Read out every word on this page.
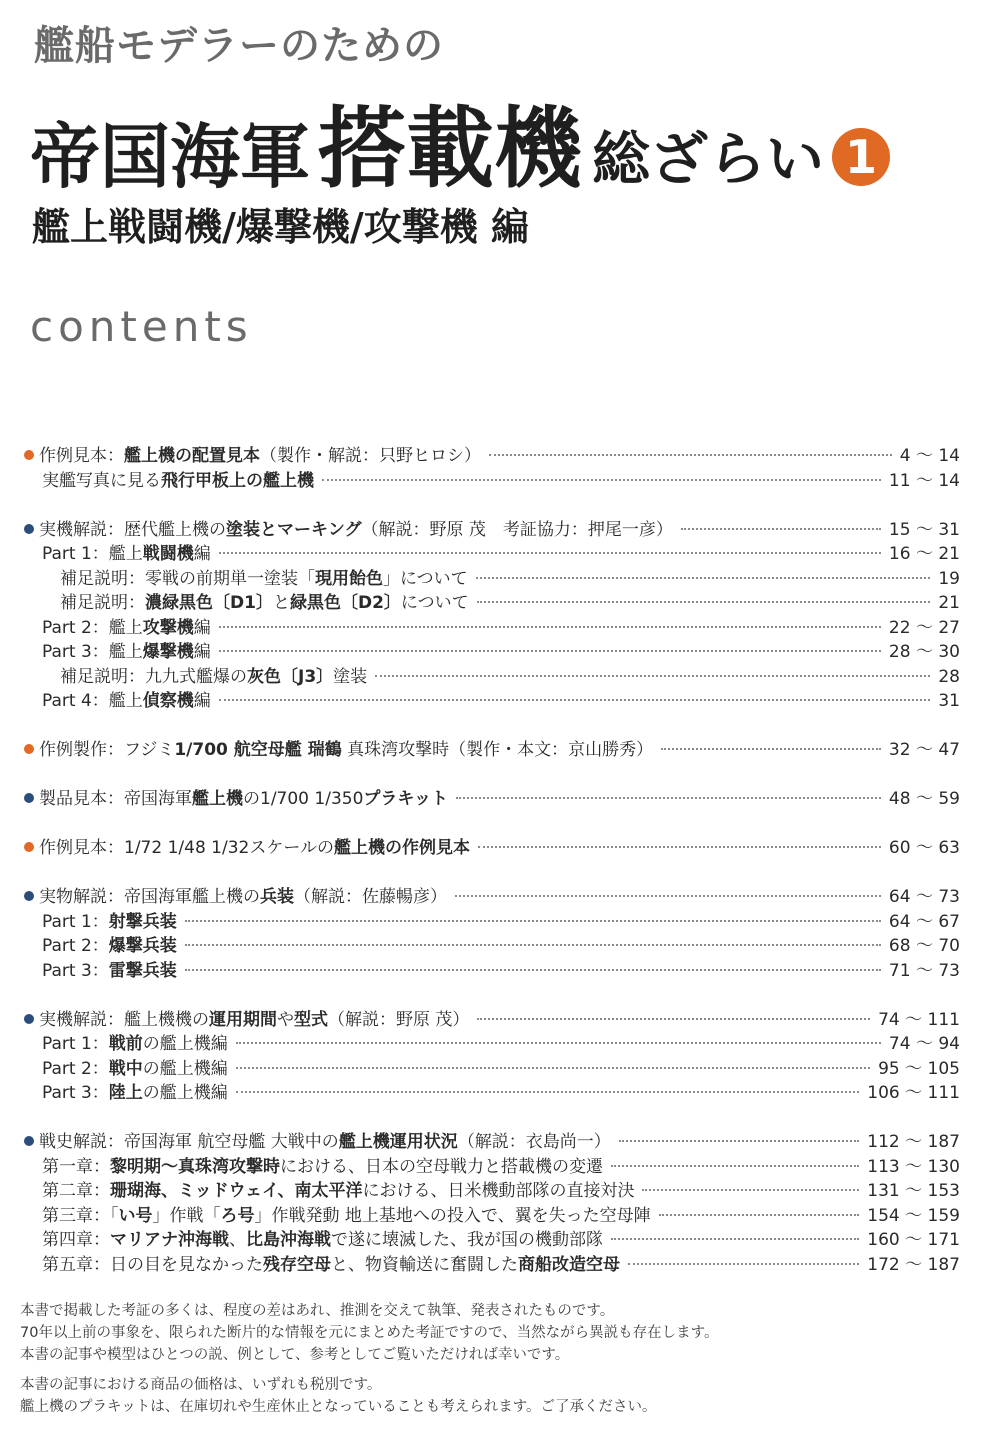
艦船モデラーのための
帝国海軍 搭載機 総ざらい 1
艦上戦闘機/爆撃機/攻撃機 編
contents
作例見本：艦上機の配置見本（製作・解説：只野ヒロシ）	4 ～ 14
実艦写真に見る飛行甲板上の艦上機	11 ～ 14
実機解説：歴代艦上機の塗装とマーキング（解説：野原 茂　考証協力：押尾一彦）	15 ～ 31
Part 1：艦上戦闘機編	16 ～ 21
補足説明：零戦の前期単一塗装「現用飴色」について	19
補足説明：濃緑黒色〔D1〕と緑黒色〔D2〕について	21
Part 2：艦上攻撃機編	22 ～ 27
Part 3：艦上爆撃機編	28 ～ 30
補足説明：九九式艦爆の灰色〔J3〕塗装	28
Part 4：艦上偵察機編	31
作例製作：フジミ1/700 航空母艦 瑞鶴 真珠湾攻撃時（製作・本文：京山勝秀）	32 ～ 47
製品見本：帝国海軍艦上機の1/700 1/350プラキット	48 ～ 59
作例見本：1/72 1/48 1/32スケールの艦上機の作例見本	60 ～ 63
実物解説：帝国海軍艦上機の兵装（解説：佐藤暢彦）	64 ～ 73
Part 1：射撃兵装	64 ～ 67
Part 2：爆撃兵装	68 ～ 70
Part 3：雷撃兵装	71 ～ 73
実機解説：艦上機機の運用期間や型式（解説：野原 茂）	74 ～ 111
Part 1：戦前の艦上機編	74 ～ 94
Part 2：戦中の艦上機編	95 ～ 105
Part 3：陸上の艦上機編	106 ～ 111
戦史解説：帝国海軍 航空母艦 大戦中の艦上機運用状況（解説：衣島尚一）	112 ～ 187
第一章：黎明期～真珠湾攻撃時における、日本の空母戦力と搭載機の変遷	113 ～ 130
第二章：珊瑚海、ミッドウェイ、南太平洋における、日米機動部隊の直接対決	131 ～ 153
第三章：「い号」作戦「ろ号」作戦発動 地上基地への投入で、翼を失った空母陣	154 ～ 159
第四章：マリアナ沖海戦、比島沖海戦で遂に壊滅した、我が国の機動部隊	160 ～ 171
第五章：日の目を見なかった残存空母と、物資輸送に奮闘した商船改造空母	172 ～ 187
本書で掲載した考証の多くは、程度の差はあれ、推測を交えて執筆、発表されたものです。
70年以上前の事象を、限られた断片的な情報を元にまとめた考証ですので、当然ながら異説も存在します。
本書の記事や模型はひとつの説、例として、参考としてご覧いただければ幸いです。
本書の記事における商品の価格は、いずれも税別です。
艦上機のプラキットは、在庫切れや生産休止となっていることも考えられます。ご了承ください。
